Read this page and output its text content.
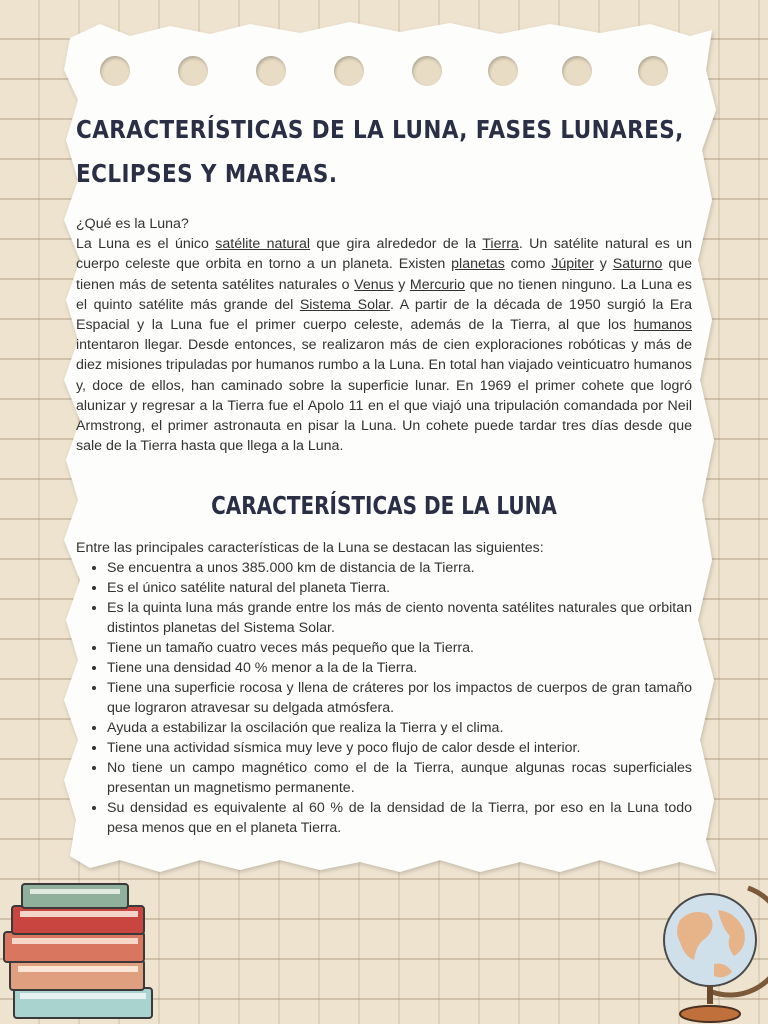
CARACTERÍSTICAS DE LA LUNA, FASES LUNARES, ECLIPSES Y MAREAS.

¿Qué es la Luna?

La Luna es el único satélite natural que gira alrededor de la Tierra. Un satélite natural es un cuerpo celeste que orbita en torno a un planeta. Existen planetas como Júpiter y Saturno que tienen más de setenta satélites naturales o Venus y Mercurio que no tienen ninguno. La Luna es el quinto satélite más grande del Sistema Solar. A partir de la década de 1950 surgió la Era Espacial y la Luna fue el primer cuerpo celeste, además de la Tierra, al que los humanos intentaron llegar. Desde entonces, se realizaron más de cien exploraciones robóticas y más de diez misiones tripuladas por humanos rumbo a la Luna. En total han viajado veinticuatro humanos y, doce de ellos, han caminado sobre la superficie lunar. En 1969 el primer cohete que logró alunizar y regresar a la Tierra fue el Apolo 11 en el que viajó una tripulación comandada por Neil Armstrong, el primer astronauta en pisar la Luna. Un cohete puede tardar tres días desde que sale de la Tierra hasta que llega a la Luna.

CARACTERÍSTICAS DE LA LUNA

Entre las principales características de la Luna se destacan las siguientes:

• Se encuentra a unos 385.000 km de distancia de la Tierra.
• Es el único satélite natural del planeta Tierra.
• Es la quinta luna más grande entre los más de ciento noventa satélites naturales que orbitan distintos planetas del Sistema Solar.
• Tiene un tamaño cuatro veces más pequeño que la Tierra.
• Tiene una densidad 40 % menor a la de la Tierra.
• Tiene una superficie rocosa y llena de cráteres por los impactos de cuerpos de gran tamaño que lograron atravesar su delgada atmósfera.
• Ayuda a estabilizar la oscilación que realiza la Tierra y el clima.
• Tiene una actividad sísmica muy leve y poco flujo de calor desde el interior.
• No tiene un campo magnético como el de la Tierra, aunque algunas rocas superficiales presentan un magnetismo permanente.
• Su densidad es equivalente al 60 % de la densidad de la Tierra, por eso en la Luna todo pesa menos que en el planeta Tierra.
